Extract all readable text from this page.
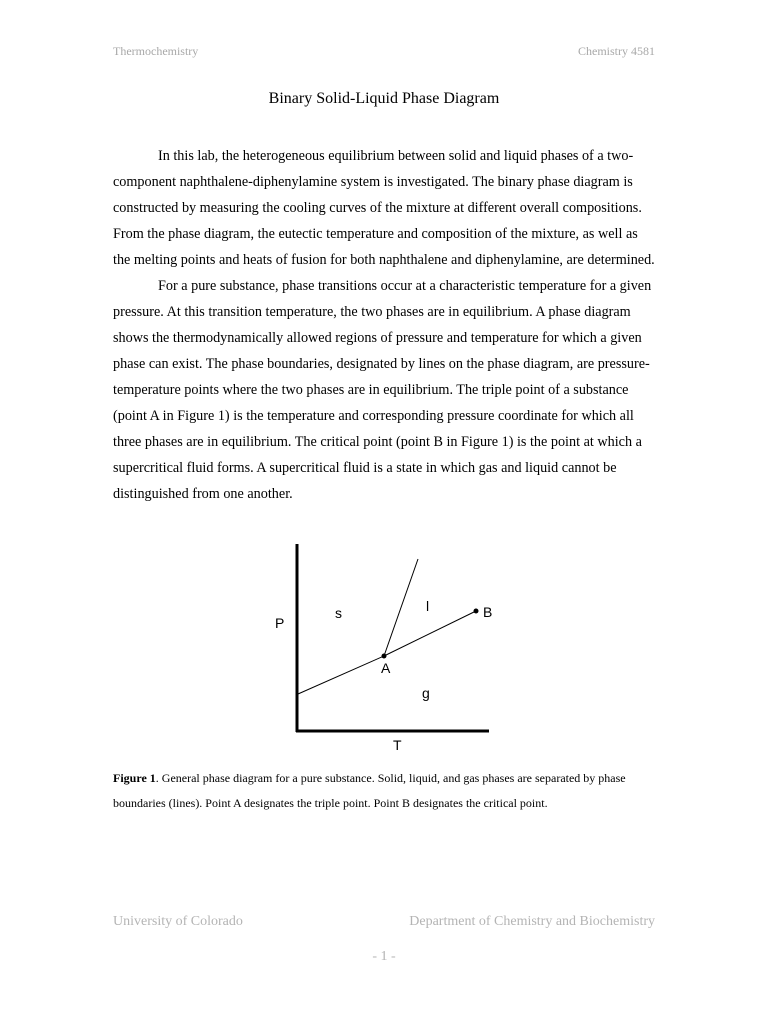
Thermochemistry	Chemistry 4581
Binary Solid-Liquid Phase Diagram

In this lab, the heterogeneous equilibrium between solid and liquid phases of a two-component naphthalene-diphenylamine system is investigated. The binary phase diagram is constructed by measuring the cooling curves of the mixture at different overall compositions. From the phase diagram, the eutectic temperature and composition of the mixture, as well as the melting points and heats of fusion for both naphthalene and diphenylamine, are determined.

For a pure substance, phase transitions occur at a characteristic temperature for a given pressure. At this transition temperature, the two phases are in equilibrium. A phase diagram shows the thermodynamically allowed regions of pressure and temperature for which a given phase can exist. The phase boundaries, designated by lines on the phase diagram, are pressure-temperature points where the two phases are in equilibrium. The triple point of a substance (point A in Figure 1) is the temperature and corresponding pressure coordinate for which all three phases are in equilibrium. The critical point (point B in Figure 1) is the point at which a supercritical fluid forms. A supercritical fluid is a state in which gas and liquid cannot be distinguished from one another.

P
T
s	l
g
A
B
Figure 1. General phase diagram for a pure substance. Solid, liquid, and gas phases are separated by phase boundaries (lines). Point A designates the triple point. Point B designates the critical point.
University of Colorado	Department of Chemistry and Biochemistry
- 1 -
